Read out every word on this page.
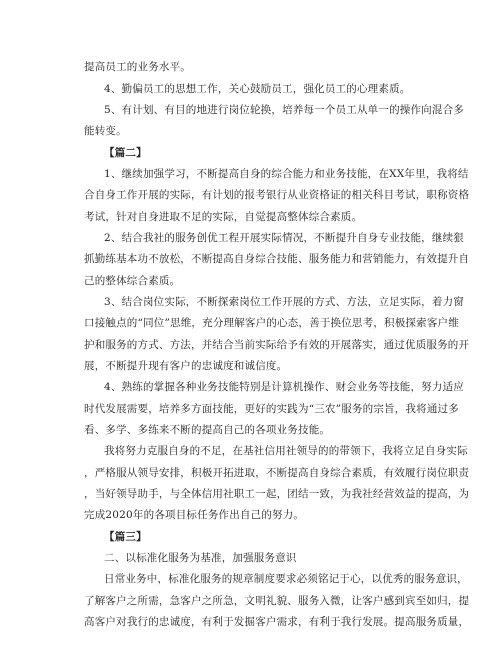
提高员工的业务水平。
4、勤偏员工的思想工作，关心鼓励员工，强化员工的心理素质。
5、有计划、有目的地进行岗位轮换，培养每一个员工从单一的操作向混合多
能转变。
【篇二】
1、继续加强学习，不断提高自身的综合能力和业务技能，在XX年里，我将结
合自身工作开展的实际，有计划的报考银行从业资格证的相关科目考试，职称资格
考试，针对自身进取不足的实际，自觉提高整体综合素质。
2、结合我社的服务创优工程开展实际情况，不断提升自身专业技能，继续狠
抓勤练基本功不放松，不断提高自身综合技能、服务能力和营销能力，有效提升自
己的整体综合素质。
3、结合岗位实际，不断探索岗位工作开展的方式、方法，立足实际，着力窗
口接触点的“同位”思维，充分理解客户的心态，善于换位思考，积极探索客户维
护和服务的方式、方法，并结合当前实际给予有效的开展落实，通过优质服务的开
展，不断提升现有客户的忠诚度和诚信度。
4、熟练的掌握各种业务技能特别是计算机操作、财会业务等技能，努力适应
时代发展需要，培养多方面技能，更好的实践为“三农”服务的宗旨，我将通过多
看、多学、多练来不断的提高自己的各项业务技能。
我将努力克服自身的不足，在基社信用社领导的的带领下，我将立足自身实际
，严格服从领导安排，积极开拓进取，不断提高自身综合素质，有效履行岗位职责
，当好领导助手，与全体信用社职工一起，团结一致，为我社经营效益的提高，为
完成2020年的各项目标任务作出自己的努力。
【篇三】
二、以标准化服务为基准，加强服务意识
日常业务中，标准化服务的规章制度要求必须铭记于心，以优秀的服务意识，
了解客户之所需，急客户之所急，文明礼貌、服务入微，让客户感到宾至如归，提
高客户对我行的忠诚度，有利于发掘客户需求，有利于我行发展。提高服务质量，
